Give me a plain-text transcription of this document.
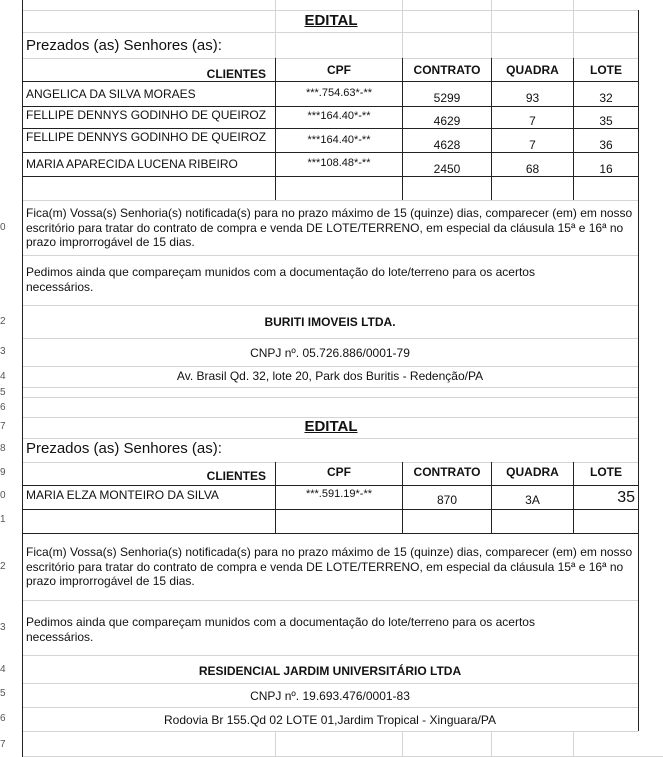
0
2
3
4
5
6
7
8
9
0
1
2
3
4
5
6
7
EDITAL
Prezados (as) Senhores (as):
CLIENTES	CPF	CONTRATO	QUADRA	LOTE
ANGELICA DA SILVA MORAES	***.754.63*-**	5299	93	32
FELLIPE DENNYS GODINHO DE QUEIROZ	***164.40*-**	4629	7	35
FELLIPE DENNYS GODINHO DE QUEIROZ	***164.40*-**	4628	7	36
MARIA APARECIDA LUCENA RIBEIRO	***108.48*-**	2450	68	16
Fica(m) Vossa(s) Senhoria(s) notificada(s) para no prazo máximo de 15 (quinze) dias, comparecer (em) em nosso escritório para tratar do contrato de compra e venda DE LOTE/TERRENO, em especial da cláusula 15ª e 16ª no prazo improrrogável de 15 dias.
Pedimos ainda que compareçam munidos com a documentação do lote/terreno para os acertos necessários.
BURITI IMOVEIS LTDA.
CNPJ nº. 05.726.886/0001-79
Av. Brasil Qd. 32, lote 20, Park dos Buritis - Redenção/PA
EDITAL
Prezados (as) Senhores (as):
CLIENTES	CPF	CONTRATO	QUADRA	LOTE
MARIA ELZA MONTEIRO DA SILVA	***.591.19*-**	870	3A	35
Fica(m) Vossa(s) Senhoria(s) notificada(s) para no prazo máximo de 15 (quinze) dias, comparecer (em) em nosso escritório para tratar do contrato de compra e venda DE LOTE/TERRENO, em especial da cláusula 15ª e 16ª no prazo improrrogável de 15 dias.
Pedimos ainda que compareçam munidos com a documentação do lote/terreno para os acertos necessários.
RESIDENCIAL JARDIM UNIVERSITÁRIO LTDA
CNPJ nº. 19.693.476/0001-83
Rodovia Br 155.Qd 02 LOTE 01,Jardim Tropical - Xinguara/PA
